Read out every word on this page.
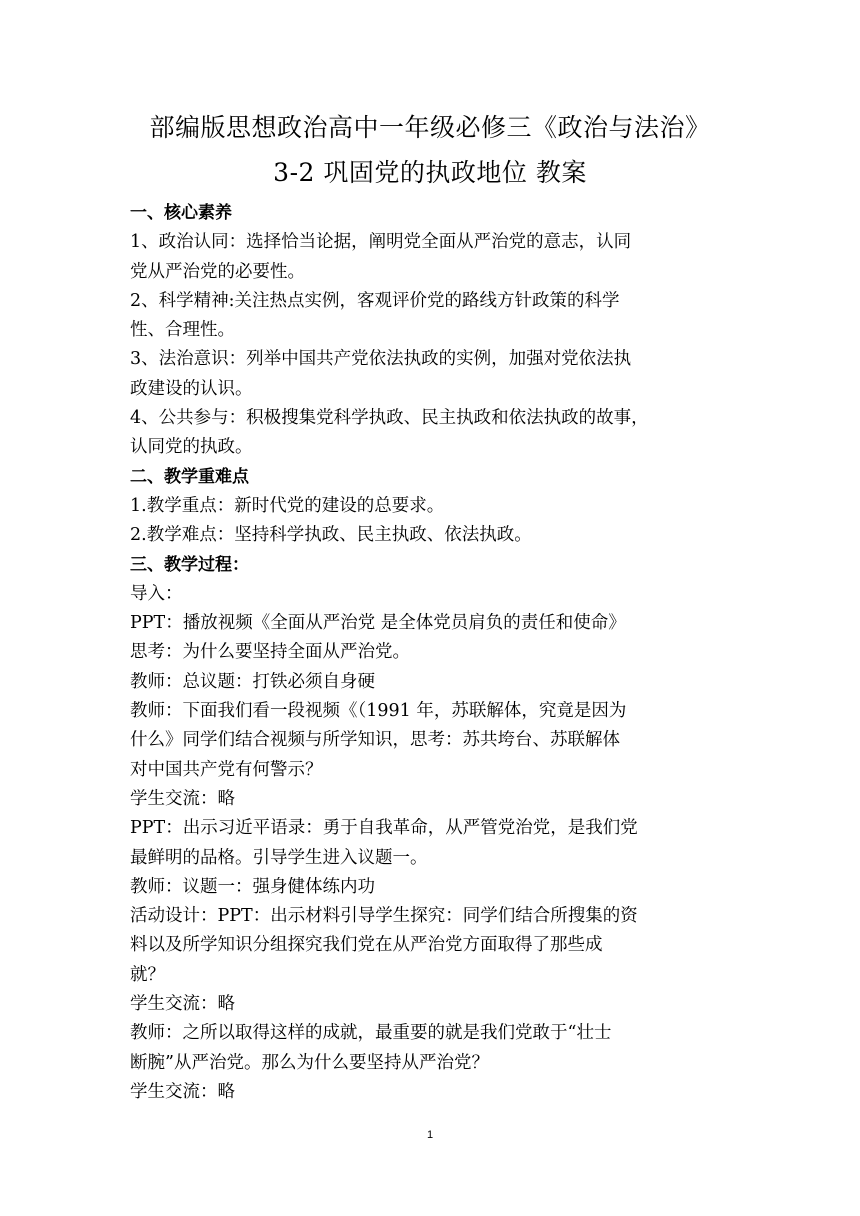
部编版思想政治高中一年级必修三《政治与法治》
3-2 巩固党的执政地位 教案
一、核心素养
1、政治认同：选择恰当论据，阐明党全面从严治党的意志，认同
党从严治党的必要性。
2、科学精神:关注热点实例，客观评价党的路线方针政策的科学
性、合理性。
3、法治意识：列举中国共产党依法执政的实例，加强对党依法执
政建设的认识。
4、公共参与：积极搜集党科学执政、民主执政和依法执政的故事，
认同党的执政。
二、教学重难点
1.教学重点：新时代党的建设的总要求。
2.教学难点：坚持科学执政、民主执政、依法执政。
三、教学过程：
导入：
PPT：播放视频《全面从严治党 是全体党员肩负的责任和使命》
思考：为什么要坚持全面从严治党。
教师：总议题：打铁必须自身硬
教师：下面我们看一段视频《（1991 年，苏联解体，究竟是因为
什么》同学们结合视频与所学知识，思考：苏共垮台、苏联解体
对中国共产党有何警示？
学生交流：略
PPT：出示习近平语录：勇于自我革命，从严管党治党，是我们党
最鲜明的品格。引导学生进入议题一。
教师：议题一：强身健体练内功
活动设计：PPT：出示材料引导学生探究：同学们结合所搜集的资
料以及所学知识分组探究我们党在从严治党方面取得了那些成
就？
学生交流：略
教师：之所以取得这样的成就，最重要的就是我们党敢于“壮士
断腕”从严治党。那么为什么要坚持从严治党？
学生交流：略
1
